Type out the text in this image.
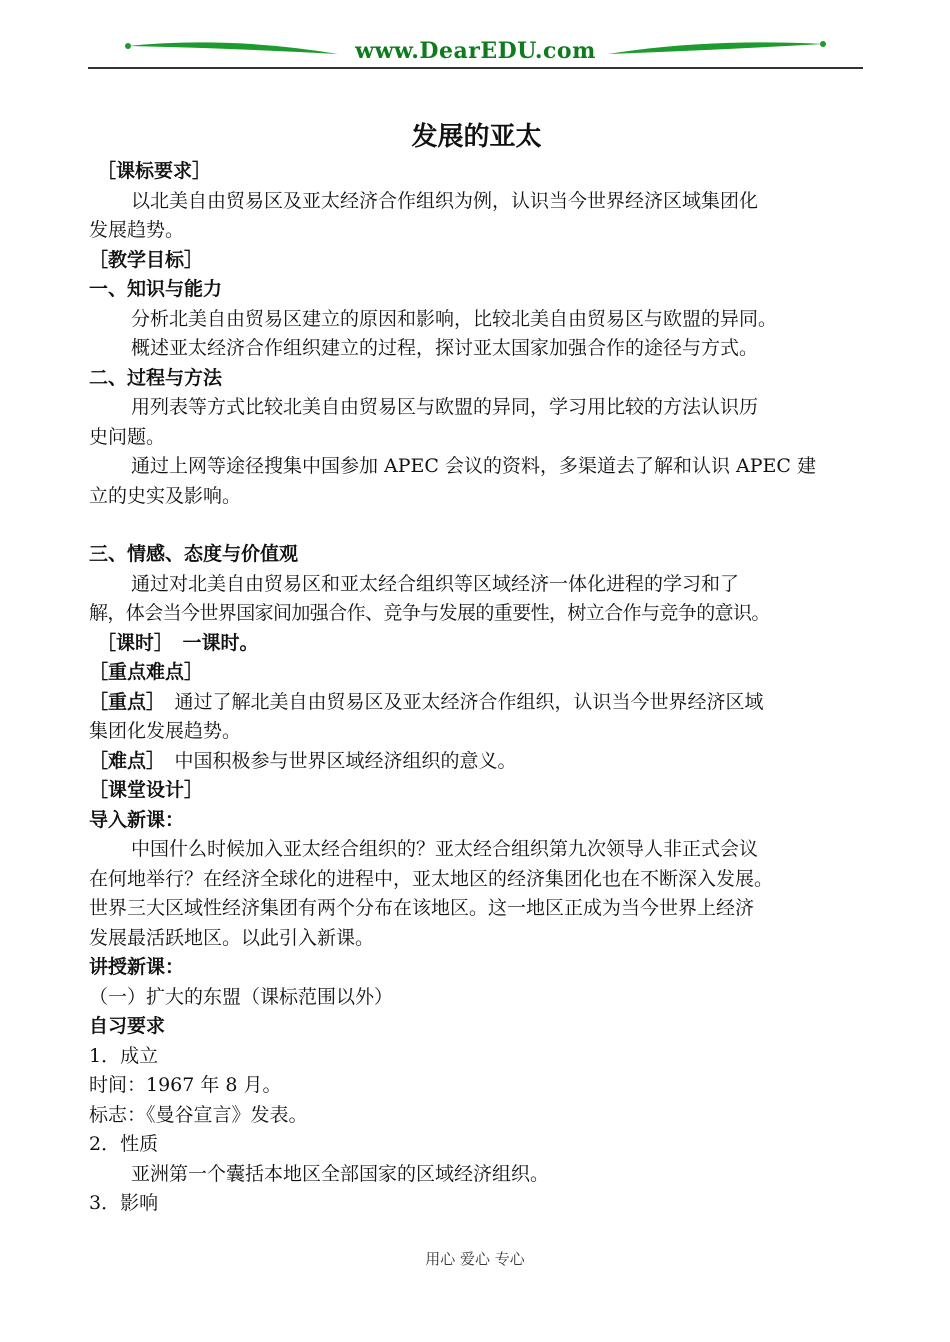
www.DearEDU.com
发展的亚太
［课标要求］
以北美自由贸易区及亚太经济合作组织为例，认识当今世界经济区域集团化
发展趋势。
［教学目标］
一、知识与能力
分析北美自由贸易区建立的原因和影响，比较北美自由贸易区与欧盟的异同。
概述亚太经济合作组织建立的过程，探讨亚太国家加强合作的途径与方式。
二、过程与方法
用列表等方式比较北美自由贸易区与欧盟的异同，学习用比较的方法认识历
史问题。
通过上网等途径搜集中国参加 APEC 会议的资料，多渠道去了解和认识 APEC 建
立的史实及影响。
三、情感、态度与价值观
通过对北美自由贸易区和亚太经合组织等区域经济一体化进程的学习和了
解，体会当今世界国家间加强合作、竞争与发展的重要性，树立合作与竞争的意识。
［课时］　一课时。
［重点难点］
［重点］　通过了解北美自由贸易区及亚太经济合作组织，认识当今世界经济区域
集团化发展趋势。
［难点］　中国积极参与世界区域经济组织的意义。
［课堂设计］
导入新课：
中国什么时候加入亚太经合组织的？亚太经合组织第九次领导人非正式会议
在何地举行？在经济全球化的进程中，亚太地区的经济集团化也在不断深入发展。
世界三大区域性经济集团有两个分布在该地区。这一地区正成为当今世界上经济
发展最活跃地区。以此引入新课。
讲授新课：
（一）扩大的东盟（课标范围以外）
自习要求
1．成立
时间：1967 年 8 月。
标志：《曼谷宣言》发表。
2．性质
亚洲第一个囊括本地区全部国家的区域经济组织。
3．影响
用心 爱心 专心
